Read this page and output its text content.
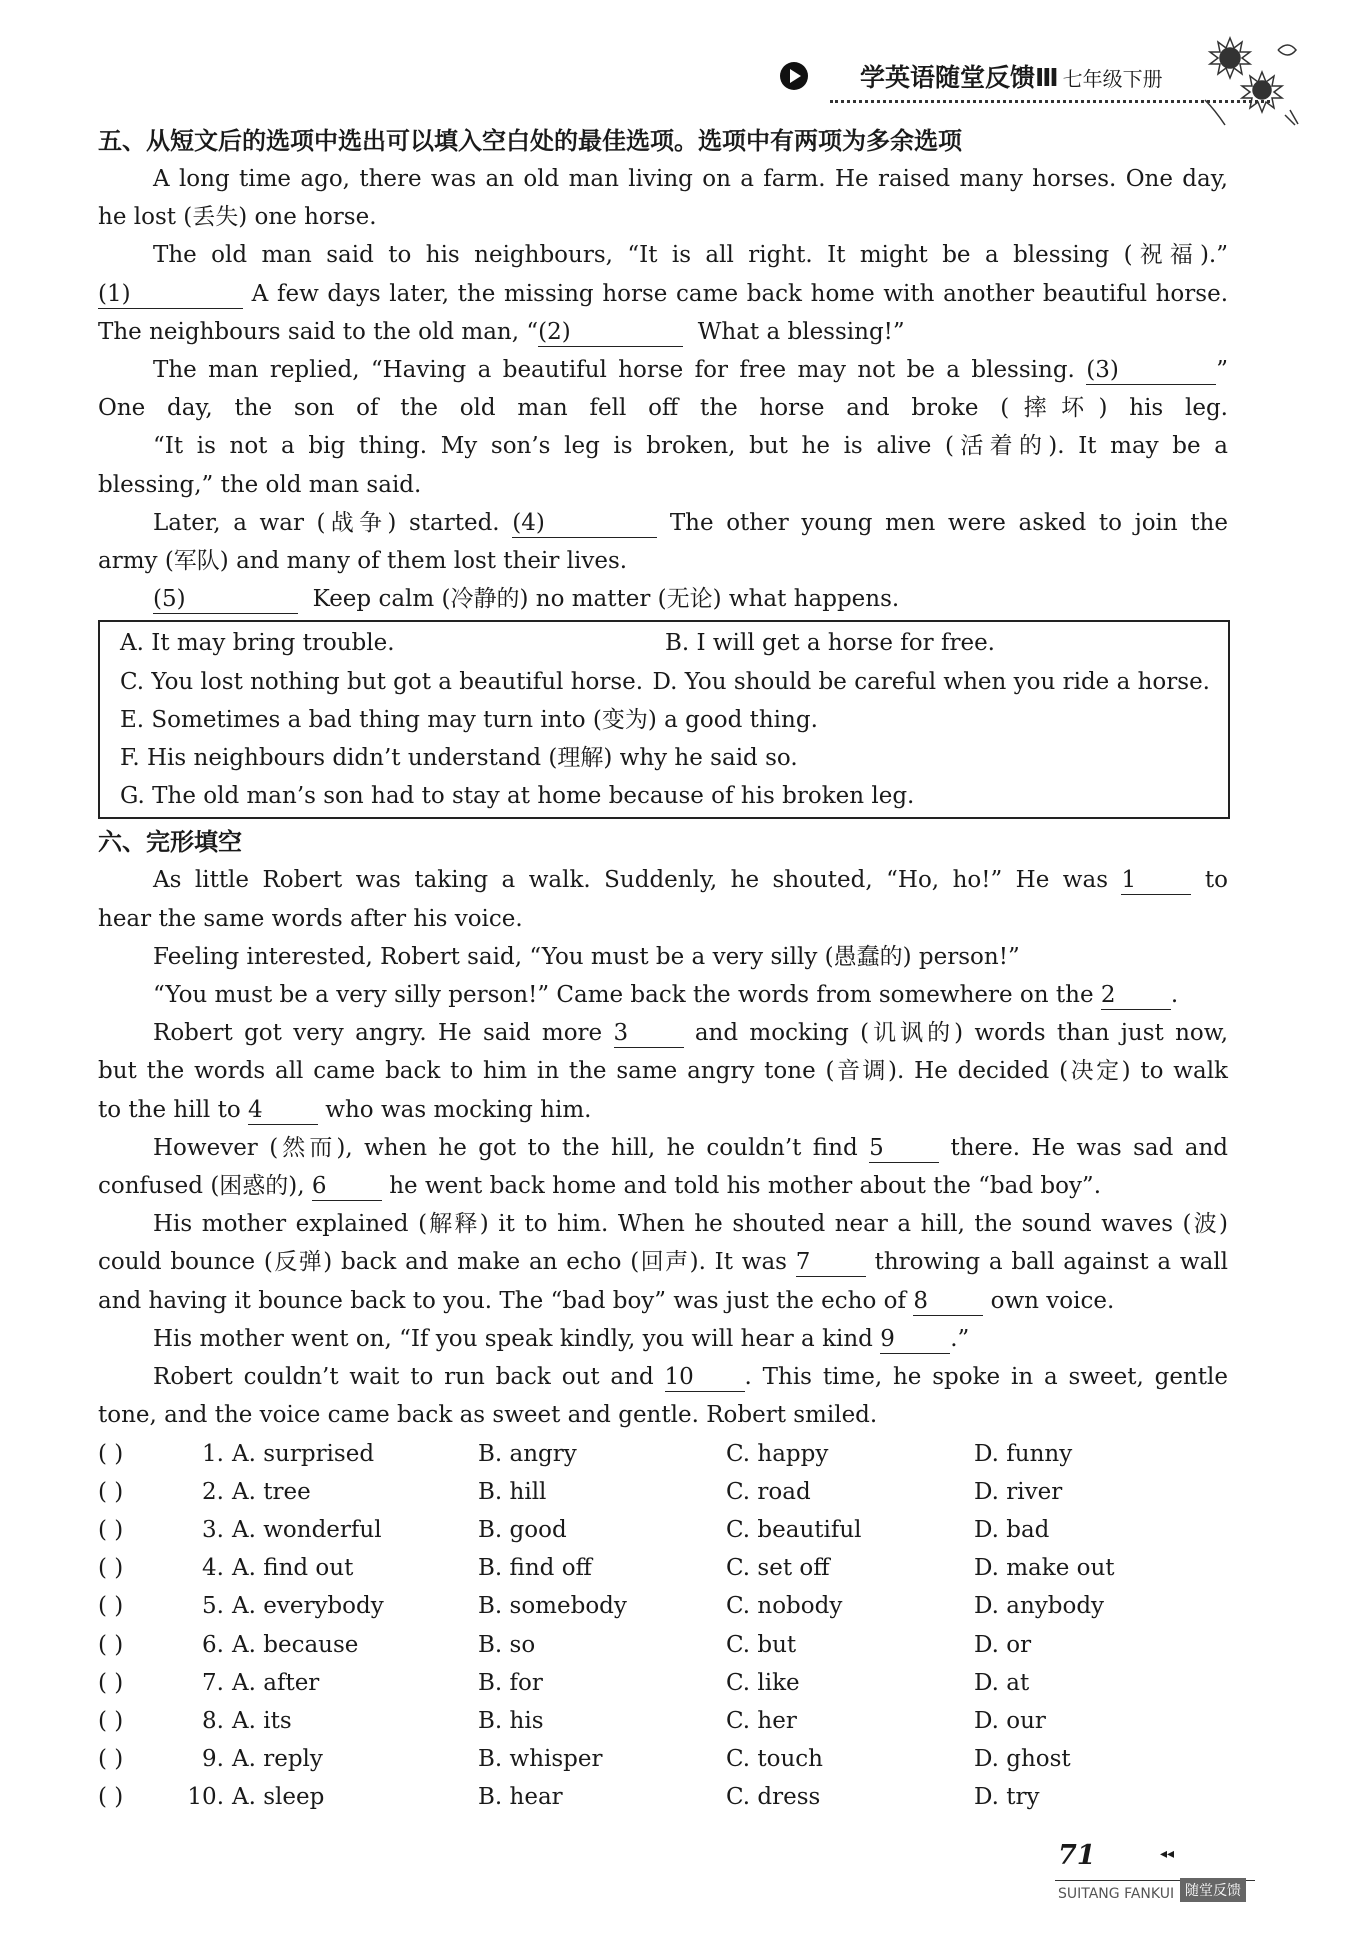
学英语随堂反馈Ⅲ 七年级下册
五、从短文后的选项中选出可以填入空白处的最佳选项。选项中有两项为多余选项
A long time ago, there was an old man living on a farm. He raised many horses. One day,
he lost (丢失) one horse.
The old man said to his neighbours, “It is all right. It might be a blessing (祝福).”
(1)	A few days later, the missing horse came back home with another beautiful horse.
The neighbours said to the old man, “(2)	What a blessing!”
The man replied, “Having a beautiful horse for free may not be a blessing. (3)	”
One day, the son of the old man fell off the horse and broke (摔坏) his leg.
“It is not a big thing. My son’s leg is broken, but he is alive (活着的). It may be a
blessing,” the old man said.
Later, a war (战争) started. (4)	The other young men were asked to join the
army (军队) and many of them lost their lives.
(5)	Keep calm (冷静的) no matter (无论) what happens.
A. It may bring trouble.	B. I will get a horse for free.
C. You lost nothing but got a beautiful horse. D. You should be careful when you ride a horse.
E. Sometimes a bad thing may turn into (变为) a good thing.
F. His neighbours didn’t understand (理解) why he said so.
G. The old man’s son had to stay at home because of his broken leg.
六、完形填空
As little Robert was taking a walk. Suddenly, he shouted, “Ho, ho!” He was 1	to
hear the same words after his voice.
Feeling interested, Robert said, “You must be a very silly (愚蠢的) person!”
“You must be a very silly person!” Came back the words from somewhere on the 2 .
Robert got very angry. He said more 3	and mocking (讥讽的) words than just now,
but the words all came back to him in the same angry tone (音调). He decided (决定) to walk
to the hill to 4	who was mocking him.
However (然而), when he got to the hill, he couldn’t find 5	there. He was sad and
confused (困惑的), 6	he went back home and told his mother about the “bad boy”.
His mother explained (解释) it to him. When he shouted near a hill, the sound waves (波)
could bounce (反弹) back and make an echo (回声). It was 7	throwing a ball against a wall
and having it bounce back to you. The “bad boy” was just the echo of 8	own voice.
His mother went on, “If you speak kindly, you will hear a kind 9 .”
Robert couldn’t wait to run back out and 10 . This time, he spoke in a sweet, gentle
tone, and the voice came back as sweet and gentle. Robert smiled.
( )	1. A. surprised	B. angry	C. happy	D. funny
( )	2. A. tree	B. hill	C. road	D. river
( )	3. A. wonderful	B. good	C. beautiful	D. bad
( )	4. A. find out	B. find off	C. set off	D. make out
( )	5. A. everybody	B. somebody	C. nobody	D. anybody
( )	6. A. because	B. so	C. but	D. or
( )	7. A. after	B. for	C. like	D. at
( )	8. A. its	B. his	C. her	D. our
( )	9. A. reply	B. whisper	C. touch	D. ghost
( )	10. A. sleep	B. hear	C. dress	D. try
71	◂◂
SUITANG FANKUI 随堂反馈
